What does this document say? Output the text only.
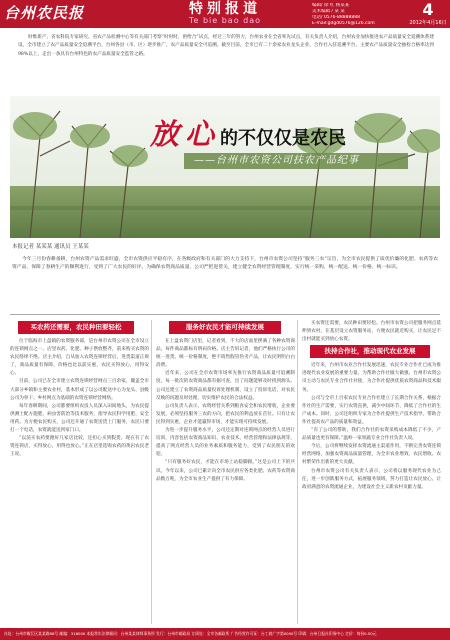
台州农民报	特别报道
Te bie bao dao
编辑/ 徐 红 杨某某
美术编辑 / 某 某
电话/ 0576-88888888
E-mail:gdgd0576@126.com
4
2012年4月16日
时维新产，省农科院专家研究、省农产品检测中心等有关部门考察“时时时，供给合”试点，经过三年的努力，台州农业在全省率先试点，有关负责人介绍，台州农业加快推进农产品质量安全追溯体系建设，全市建立了农产品质量安全追溯平台，台州各县（市、区）逐步推广，农产品质量安全可追溯。截至目前，全市已有二十余家农业龙头企业、合作社入驻追溯平台，主要农产品质量安全抽检合格率达到98%以上，走出一条具有台州特色的农产品质量安全监管之路。
放心的不仅仅是农民
——台州市农资公司扶农产品纪事
本报记者 某某某 通讯员 王某某

今年三月份春耕备耕，台州农资产品需求旺盛，全市农资供应平稳有序，在各级政府和有关部门的大力支持下，台州市农资公司坚持“服务三农”宗旨，为全市农民提供了质优价廉的化肥、农药等农资产品，保障了春耕生产的顺利进行，受到了广大农民的好评。为确保农资商品质量，公司严把进货关，建立健全农资经营管理制度，实行统一采购、统一配送、统一价格、统一标识。

买农药还需要，农民种田要轻松

位于临海市上盘镇的农资服务部，是台州市农资公司在全市设立的连锁网点之一。店里农药、化肥、种子摆放整齐，前来购买农资的农民络绎不绝。店主介绍，自从加入农资连锁经营后，进货渠道正规了，商品质量有保障，价格也比以前实惠，农民买得放心，用得安心。

目前，公司已在全市建立农资连锁经营网点三百余家，覆盖全市大部分乡镇和主要农业村，基本形成了以公司配送中心为龙头、县级公司为骨干、乡村网点为基础的农资连锁经营网络。

每年春耕期间，公司都要组织农技人员深入田间地头，为农民提供测土配方施肥、病虫害防治等技术服务，指导农民科学用肥、安全用药。为方便农民购买，公司还开通了农资送货上门服务，农民只要打一个电话，农资就能送到家门口。

“以前买农药要跑好几家店比较，还担心买到假货。现在有了农资连锁店，买得放心，用得也放心。”正在店里选购农药的黄岩农民老王说。

服务好农民才能可持续发展

在上盘农资门店里，记者看到，不大的店面里摆满了各种农资商品，每件商品都标有明码价格。店主告诉记者，他们严格执行公司的统一进货、统一价格制度，绝不销售假冒伪劣产品，让农民明明白白消费。

近年来，公司在全市农资市场率先推行农资商品质量可追溯制度，每一批次的农资商品都有据可查，出了问题能够及时找到源头。公司还建立了农资商品质量投诉处理机制，设立了投诉电话，对农民反映的问题及时处理，切实维护农民的合法权益。

公司负责人表示，农资经营关系到粮食安全和农民增收，企业要发展，必须坚持服务三农的方向，把农民的利益放在首位。只有让农民得到实惠，企业才能赢得市场，才能实现可持续发展。

为进一步提升服务水平，公司还定期对连锁网点的经营人员进行培训，内容包括农资商品知识、农业技术、经营管理和法律法规等，提高了网点经营人员的业务素质和服务能力，受到了农民朋友的欢迎。

“只有服务好农民，才能在市场上站稳脚跟。”这是公司上下的共识。今年以来，公司已累计向全市农民供应各类化肥、农药等农资商品数万吨，为全市农业生产提供了有力保障。

买农资还需要，农民种田要轻松。台州市农资公司把服务网点延伸到农村，在基层设立农资服务站，方便农民就近购买，让农民足不出村就能买到放心农资。

扶持合作社，推动现代农业发展

近年来，台州市农业合作社发展迅速，农民专业合作社已成为推进现代农业发展的重要力量。为帮助合作社做大做强，台州市农资公司主动与农民专业合作社对接，为合作社提供优质农资商品和技术服务。

公司与全市上百家农民专业合作社建立了长期合作关系，根据合作社的生产需要，实行农资直供，减少中间环节，降低了合作社的生产成本。同时，公司还组织专家为合作社提供生产技术指导，帮助合作社提高农产品的质量和效益。

“有了公司的帮助，我们合作社的农资采购成本降低了不少，产品质量也更有保障。”温岭一家果蔬专业合作社负责人说。

今后，公司将继续发挥农资流通主渠道作用，不断完善农资连锁经营网络，加强农资商品质量管理，为全市农业增效、农民增收、农村繁荣作出新的更大贡献。

台州市农资公司有关负责人表示，公司将以服务现代农业为己任，进一步创新服务方式，拓展服务领域，努力打造让农民放心、让政府满意的农资流通企业，为建设社会主义新农村贡献力量。

社址：台州市椒江区某某路88号 邮编：318000 本报常年法律顾问：台州某某律师事务所 发行：台州市邮政局 订阅处：全市各邮政所 广告经营许可证：台工商广字第0000号 印刷：台州日报社印务中心 定价：每份0.50元
